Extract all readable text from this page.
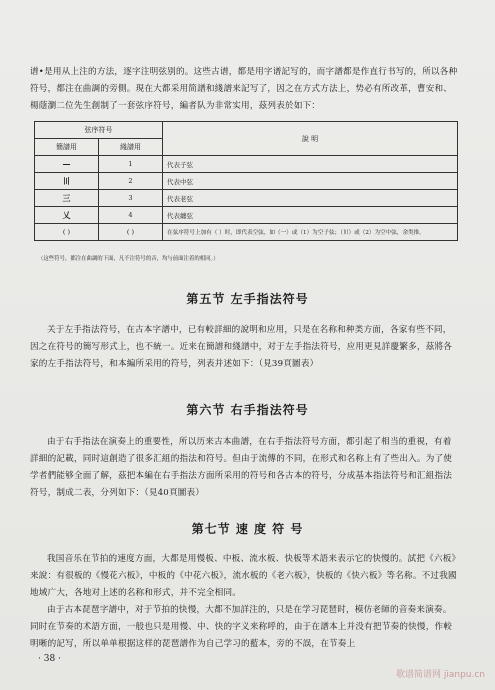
谱•是用从上注的方法，逐字注明弦别的。这些古谱，都是用字谱記写的，而字譜都是作直行书写的，所以各种符号，都注在曲調的旁側。現在大都采用简譜和綫譜来記写了，因之在方式方法上，势必有所改革，曹安和、楊蔭瀏二位先生創制了一套弦序符号，編者队为非常实用，茲列表於如下：

弦序符号		說 明
簡譜用	綫譜用	
—	1	代表子弦
〣	2	代表中弦
三	3	代表老弦
乂	4	代表纏弦
( )	( )	在弦序符号上加有（ ）时，即代表空弦，如（一）或（1）为空子弦；（〣）或（2）为空中弦，余类推。

（这些符号，都注在曲調的下面，凡不注符号的音，均与前面注着的相同。）

第五节 左手指法符号

关于左手指法符号，在古本字譜中，已有較詳細的說明和应用，只是在名称和种类方面，各家有些不同，因之在符号的簡写形式上，也不統一。近来在簡譜和綫譜中，对于左手指法符号，应用更見詳慶繁多，茲將各家的左手指法符号，和本編所采用的符号，列表并述如下：（見39頁圖表）

第六节 右手指法符号

由于右手指法在演奏上的重要性，所以历来古本曲譜，在右手指法符号方面，都引起了相当的重視，有着詳細的記載，同时這創造了很多汇組的指法和符号。但由于流傳的不同，在形式和名称上有了些出入。为了使学者們能够全面了解，茲把本編在右手指法方面所采用的符号和各古本的符号，分成基本指法符号和汇組指法符号，制成二表，分列如下：（見40頁圖表）

第七节 速 度 符 号

我国音乐在节拍的速度方面，大都是用慢板、中板、流水板、快板等术語来表示它的快慢的。試把《六板》来說：有很板的《慢花六板》，中板的《中花六板》，流水板的《老六板》，快板的《快六板》等名称。不过我國地域广大，各地对上述的名称和形式，并不完全相同。

由于古本琵琶字譜中，对于节拍的快慢，大都不加詳注的，只是在学习琵琶时，模仿老師的音奏来演奏。同时在节奏的术語方面，一般也只是用慢、中、快的字义来称呼的，由于在譜本上并没有把节奏的快慢，作較明晰的記写，所以单单根据这样的琵琶譜作为自己学习的藍本，旁的不誤，在节奏上

· 38 ·

歌谱简谱网 jianpu.cn
